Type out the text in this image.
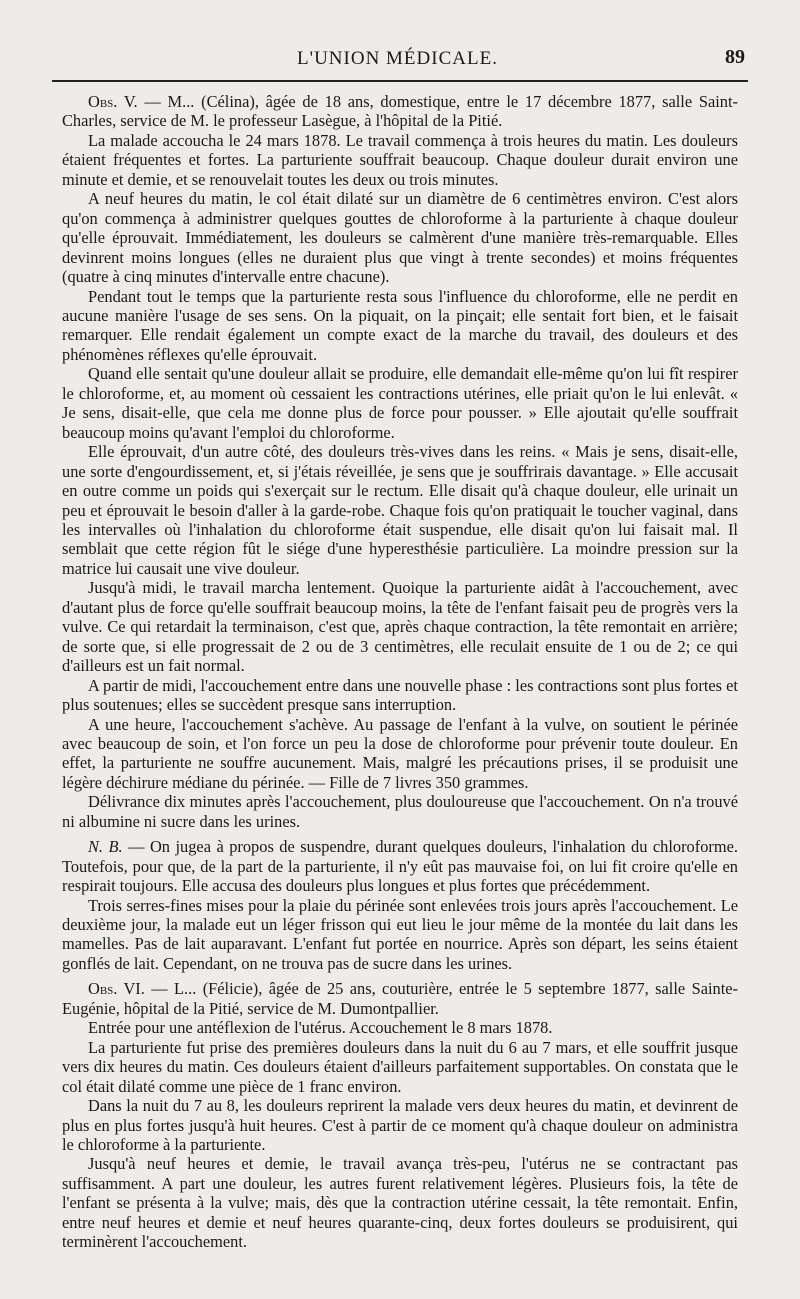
L'UNION MÉDICALE.	89

Obs. V. — M... (Célina), âgée de 18 ans, domestique, entre le 17 décembre 1877, salle Saint-Charles, service de M. le professeur Lasègue, à l'hôpital de la Pitié.

La malade accoucha le 24 mars 1878. Le travail commença à trois heures du matin. Les douleurs étaient fréquentes et fortes. La parturiente souffrait beaucoup. Chaque douleur durait environ une minute et demie, et se renouvelait toutes les deux ou trois minutes.

A neuf heures du matin, le col était dilaté sur un diamètre de 6 centimètres environ. C'est alors qu'on commença à administrer quelques gouttes de chloroforme à la parturiente à chaque douleur qu'elle éprouvait. Immédiatement, les douleurs se calmèrent d'une manière très-remarquable. Elles devinrent moins longues (elles ne duraient plus que vingt à trente secondes) et moins fréquentes (quatre à cinq minutes d'intervalle entre chacune).

Pendant tout le temps que la parturiente resta sous l'influence du chloroforme, elle ne perdit en aucune manière l'usage de ses sens. On la piquait, on la pinçait; elle sentait fort bien, et le faisait remarquer. Elle rendait également un compte exact de la marche du travail, des douleurs et des phénomènes réflexes qu'elle éprouvait.

Quand elle sentait qu'une douleur allait se produire, elle demandait elle-même qu'on lui fît respirer le chloroforme, et, au moment où cessaient les contractions utérines, elle priait qu'on le lui enlevât. « Je sens, disait-elle, que cela me donne plus de force pour pousser. » Elle ajoutait qu'elle souffrait beaucoup moins qu'avant l'emploi du chloroforme.

Elle éprouvait, d'un autre côté, des douleurs très-vives dans les reins. « Mais je sens, disait-elle, une sorte d'engourdissement, et, si j'étais réveillée, je sens que je souffrirais davantage. » Elle accusait en outre comme un poids qui s'exerçait sur le rectum. Elle disait qu'à chaque douleur, elle urinait un peu et éprouvait le besoin d'aller à la garde-robe. Chaque fois qu'on pratiquait le toucher vaginal, dans les intervalles où l'inhalation du chloroforme était suspendue, elle disait qu'on lui faisait mal. Il semblait que cette région fût le siége d'une hyperesthésie particulière. La moindre pression sur la matrice lui causait une vive douleur.

Jusqu'à midi, le travail marcha lentement. Quoique la parturiente aidât à l'accouchement, avec d'autant plus de force qu'elle souffrait beaucoup moins, la tête de l'enfant faisait peu de progrès vers la vulve. Ce qui retardait la terminaison, c'est que, après chaque contraction, la tête remontait en arrière; de sorte que, si elle progressait de 2 ou de 3 centimètres, elle reculait ensuite de 1 ou de 2; ce qui d'ailleurs est un fait normal.

A partir de midi, l'accouchement entre dans une nouvelle phase : les contractions sont plus fortes et plus soutenues; elles se succèdent presque sans interruption.

A une heure, l'accouchement s'achève. Au passage de l'enfant à la vulve, on soutient le périnée avec beaucoup de soin, et l'on force un peu la dose de chloroforme pour prévenir toute douleur. En effet, la parturiente ne souffre aucunement. Mais, malgré les précautions prises, il se produisit une légère déchirure médiane du périnée. — Fille de 7 livres 350 grammes.

Délivrance dix minutes après l'accouchement, plus douloureuse que l'accouchement. On n'a trouvé ni albumine ni sucre dans les urines.

N. B. — On jugea à propos de suspendre, durant quelques douleurs, l'inhalation du chloroforme. Toutefois, pour que, de la part de la parturiente, il n'y eût pas mauvaise foi, on lui fit croire qu'elle en respirait toujours. Elle accusa des douleurs plus longues et plus fortes que précédemment.

Trois serres-fines mises pour la plaie du périnée sont enlevées trois jours après l'accouchement. Le deuxième jour, la malade eut un léger frisson qui eut lieu le jour même de la montée du lait dans les mamelles. Pas de lait auparavant. L'enfant fut portée en nourrice. Après son départ, les seins étaient gonflés de lait. Cependant, on ne trouva pas de sucre dans les urines.

Obs. VI. — L... (Félicie), âgée de 25 ans, couturière, entrée le 5 septembre 1877, salle Sainte-Eugénie, hôpital de la Pitié, service de M. Dumontpallier.

Entrée pour une antéflexion de l'utérus. Accouchement le 8 mars 1878.

La parturiente fut prise des premières douleurs dans la nuit du 6 au 7 mars, et elle souffrit jusque vers dix heures du matin. Ces douleurs étaient d'ailleurs parfaitement supportables. On constata que le col était dilaté comme une pièce de 1 franc environ.

Dans la nuit du 7 au 8, les douleurs reprirent la malade vers deux heures du matin, et devinrent de plus en plus fortes jusqu'à huit heures. C'est à partir de ce moment qu'à chaque douleur on administra le chloroforme à la parturiente.

Jusqu'à neuf heures et demie, le travail avança très-peu, l'utérus ne se contractant pas suffisamment. A part une douleur, les autres furent relativement légères. Plusieurs fois, la tête de l'enfant se présenta à la vulve; mais, dès que la contraction utérine cessait, la tête remontait. Enfin, entre neuf heures et demie et neuf heures quarante-cinq, deux fortes douleurs se produisirent, qui terminèrent l'accouchement.
